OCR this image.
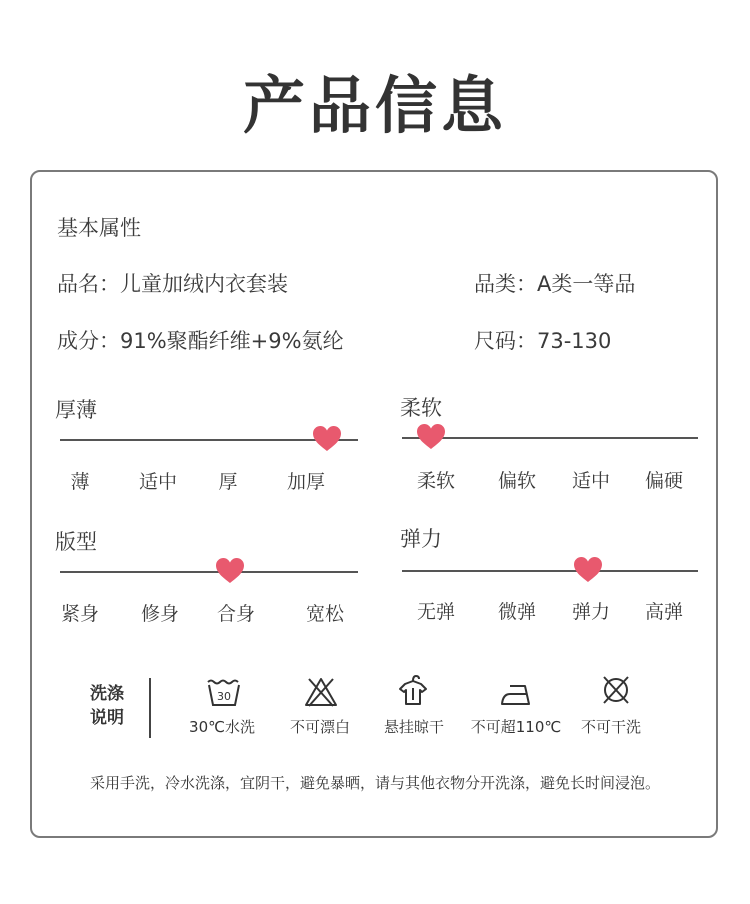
产品信息
基本属性
品名：儿童加绒内衣套装	品类：A类一等品
成分：91%聚酯纤维+9%氨纶	尺码：73-130
厚薄
薄	适中 厚	加厚
柔软
柔软 偏软 适中 偏硬
版型
紧身 修身 合身	宽松
弹力
无弹 微弹 弹力 高弹
洗涤
说明
30
30℃水洗 不可漂白 悬挂晾干 不可超110℃ 不可干洗
采用手洗，冷水洗涤，宜阴干，避免暴晒，请与其他衣物分开洗涤，避免长时间浸泡。
